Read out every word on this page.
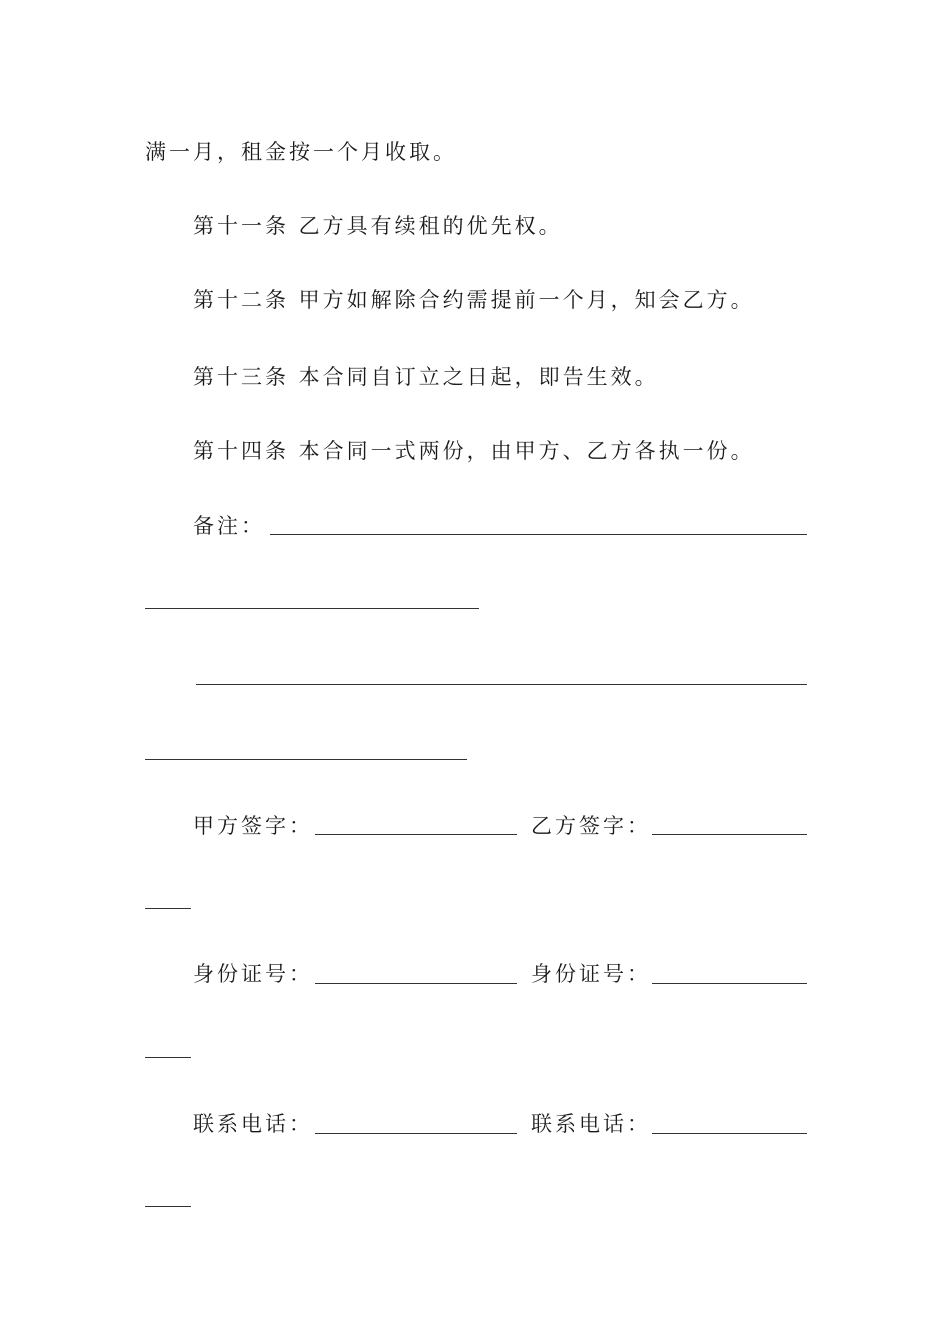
满一月，租金按一个月收取。
第十一条 乙方具有续租的优先权。
第十二条 甲方如解除合约需提前一个月，知会乙方。
第十三条 本合同自订立之日起，即告生效。
第十四条 本合同一式两份，由甲方、乙方各执一份。
备注：
甲方签字：	乙方签字：
身份证号：	身份证号：
联系电话：	联系电话：
